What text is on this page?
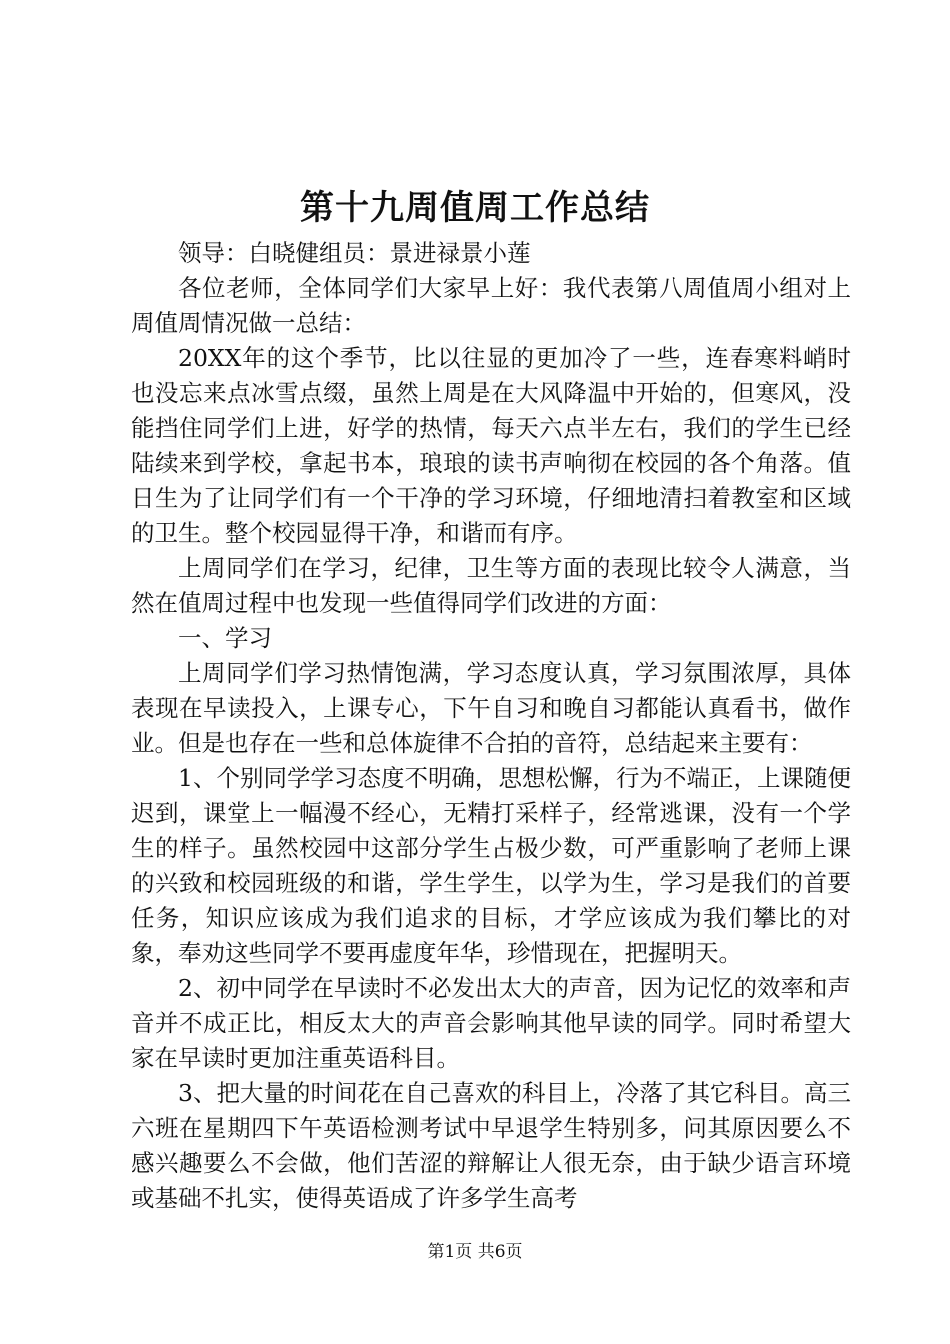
第十九周值周工作总结

领导：白晓健组员：景进禄景小莲

各位老师，全体同学们大家早上好：我代表第八周值周小组对上周值周情况做一总结：

20XX年的这个季节，比以往显的更加冷了一些，连春寒料峭时也没忘来点冰雪点缀，虽然上周是在大风降温中开始的，但寒风，没能挡住同学们上进，好学的热情，每天六点半左右，我们的学生已经陆续来到学校，拿起书本，琅琅的读书声响彻在校园的各个角落。值日生为了让同学们有一个干净的学习环境，仔细地清扫着教室和区域的卫生。整个校园显得干净，和谐而有序。

上周同学们在学习，纪律，卫生等方面的表现比较令人满意，当然在值周过程中也发现一些值得同学们改进的方面：

一、学习

上周同学们学习热情饱满，学习态度认真，学习氛围浓厚，具体表现在早读投入，上课专心，下午自习和晚自习都能认真看书，做作业。但是也存在一些和总体旋律不合拍的音符，总结起来主要有：

1、个别同学学习态度不明确，思想松懈，行为不端正，上课随便迟到，课堂上一幅漫不经心，无精打采样子，经常逃课，没有一个学生的样子。虽然校园中这部分学生占极少数，可严重影响了老师上课的兴致和校园班级的和谐，学生学生，以学为生，学习是我们的首要任务，知识应该成为我们追求的目标，才学应该成为我们攀比的对象，奉劝这些同学不要再虚度年华，珍惜现在，把握明天。

2、初中同学在早读时不必发出太大的声音，因为记忆的效率和声音并不成正比，相反太大的声音会影响其他早读的同学。同时希望大家在早读时更加注重英语科目。

3、把大量的时间花在自己喜欢的科目上，冷落了其它科目。高三六班在星期四下午英语检测考试中早退学生特别多，问其原因要么不感兴趣要么不会做，他们苦涩的辩解让人很无奈，由于缺少语言环境或基础不扎实，使得英语成了许多学生高考

第1页 共6页
